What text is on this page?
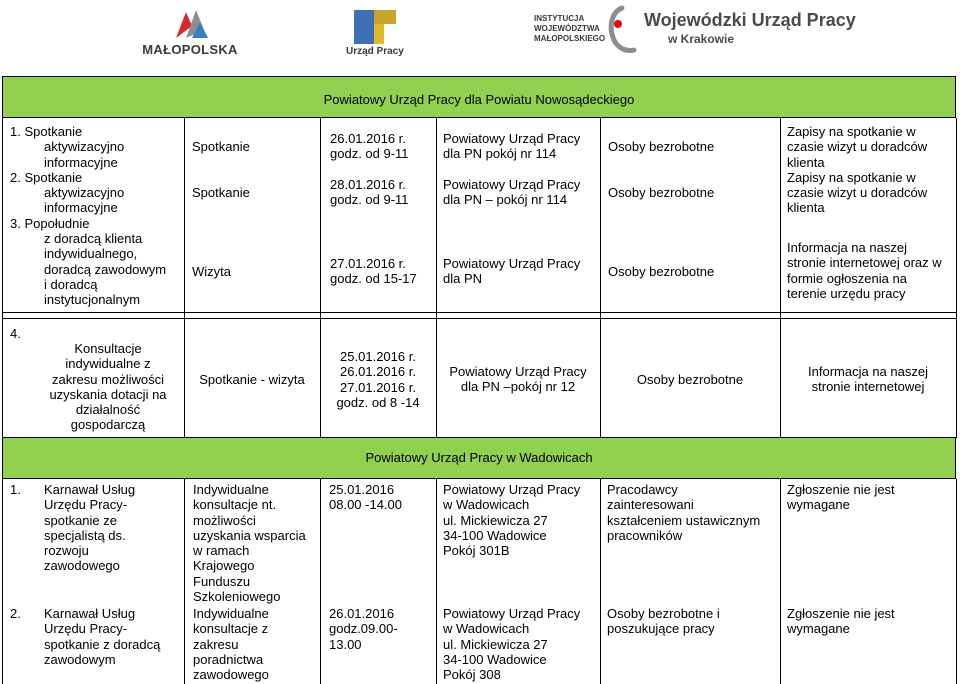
MAŁOPOLSKA	Urząd Pracy
INSTYTUCJA
WOJEWÓDZTWA
MAŁOPOLSKIEGO
Wojewódzki Urząd Pracy
w Krakowie
Powiatowy Urząd Pracy dla Powiatu Nowosądeckiego
1. Spotkanie
aktywizacyjno
informacyjne
2. Spotkanie
aktywizacyjno
informacyjne
3. Popołudnie
z doradcą klienta
indywidualnego,
doradcą zawodowym
i doradcą
instytucjonalnym
Spotkanie
Spotkanie
Wizyta
26.01.2016 r.
godz. od 9-11
28.01.2016 r.
godz. od 9-11
27.01.2016 r.
godz. od 15-17
Powiatowy Urząd Pracy
dla PN pokój nr 114
Powiatowy Urząd Pracy
dla PN – pokój nr 114
Powiatowy Urząd Pracy
dla PN
Osoby bezrobotne
Osoby bezrobotne
Osoby bezrobotne
Zapisy na spotkanie w
czasie wizyt u doradców
klienta
Zapisy na spotkanie w
czasie wizyt u doradców
klienta
Informacja na naszej
stronie internetowej oraz w
formie ogłoszenia na
terenie urzędu pracy
4.
Konsultacje
indywidualne z
zakresu możliwości
uzyskania dotacji na
działalność
gospodarczą
Spotkanie - wizyta
25.01.2016 r.
26.01.2016 r.
27.01.2016 r.
godz. od 8 -14
Powiatowy Urząd Pracy
dla PN –pokój nr 12	Osoby bezrobotne
Informacja na naszej
stronie internetowej
Powiatowy Urząd Pracy w Wadowicach
1. Karnawał Usług
Urzędu Pracy-
spotkanie ze
specjalistą ds.
rozwoju
zawodowego
2. Karnawał Usług
Urzędu Pracy-
spotkanie z doradcą
zawodowym
Indywidualne
konsultacje nt.
możliwości
uzyskania wsparcia
w ramach
Krajowego
Funduszu
Szkoleniowego
Indywidualne
konsultacje z
zakresu
poradnictwa
zawodowego
25.01.2016
08.00 -14.00
26.01.2016
godz.09.00-
13.00
Powiatowy Urząd Pracy
w Wadowicach
ul. Mickiewicza 27
34-100 Wadowice
Pokój 301B
Powiatowy Urząd Pracy
w Wadowicach
ul. Mickiewicza 27
34-100 Wadowice
Pokój 308
Pracodawcy
zainteresowani
kształceniem ustawicznym
pracowników
Osoby bezrobotne i
poszukujące pracy
Zgłoszenie nie jest
wymagane
Zgłoszenie nie jest
wymagane
